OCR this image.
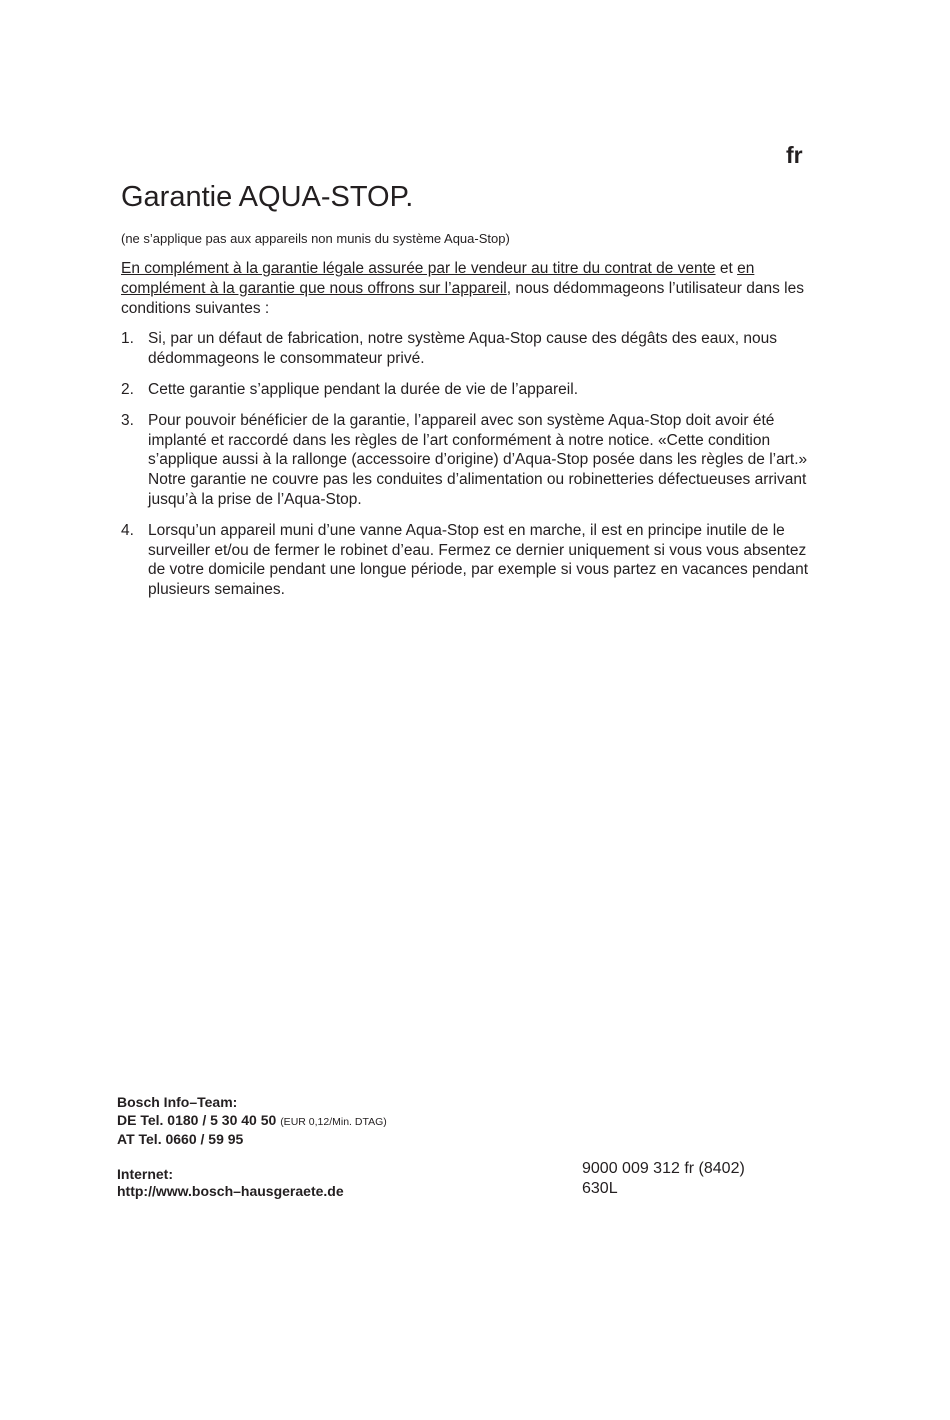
fr
Garantie AQUA-STOP.
(ne s’applique pas aux appareils non munis du système Aqua-Stop)

En complément à la garantie légale assurée par le vendeur au titre du contrat de vente et en complément à la garantie que nous offrons sur l’appareil, nous dédommageons l’utilisateur dans les conditions suivantes :

1. Si, par un défaut de fabrication, notre système Aqua-Stop cause des dégâts des eaux, nous dédommageons le consommateur privé.
2. Cette garantie s’applique pendant la durée de vie de l’appareil.
3. Pour pouvoir bénéficier de la garantie, l’appareil avec son système Aqua-Stop doit avoir été implanté et raccordé dans les règles de l’art conformément à notre notice. «Cette condition s’applique aussi à la rallonge (accessoire d’origine) d’Aqua-Stop posée dans les règles de l’art.» Notre garantie ne couvre pas les conduites d’alimentation ou robinetteries défectueuses arrivant jusqu’à la prise de l’Aqua-Stop.
4. Lorsqu’un appareil muni d’une vanne Aqua-Stop est en marche, il est en principe inutile de le surveiller et/ou de fermer le robinet d’eau. Fermez ce dernier uniquement si vous vous absentez de votre domicile pendant une longue période, par exemple si vous partez en vacances pendant plusieurs semaines.
Bosch Info–Team:
DE Tel. 0180 / 5 30 40 50 (EUR 0,12/Min. DTAG)
AT Tel. 0660 / 59 95
Internet:
http://www.bosch–hausgeraete.de
9000 009 312 fr (8402)
630L
